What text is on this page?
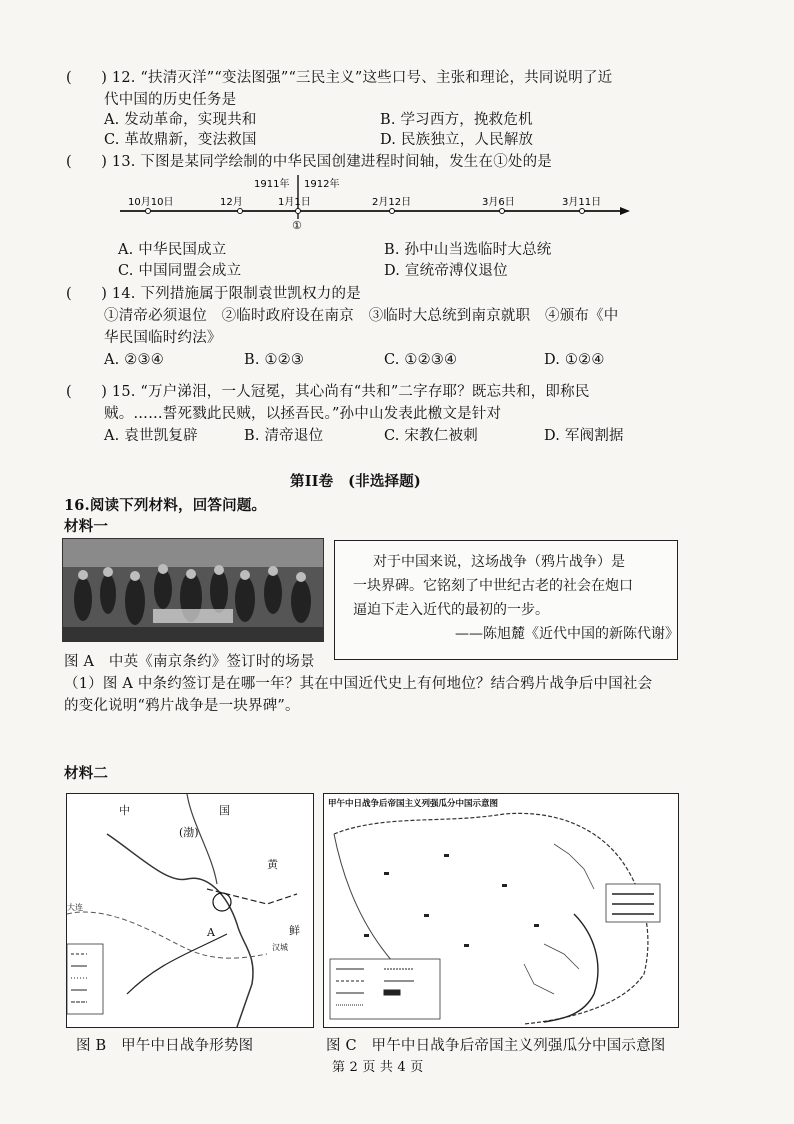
(　　) 12. “扶清灭洋”“变法图强”“三民主义”这些口号、主张和理论，共同说明了近
代中国的历史任务是
A. 发动革命，实现共和	B. 学习西方，挽救危机
C. 革故鼎新，变法救国	D. 民族独立，人民解放
(　　) 13. 下图是某同学绘制的中华民国创建进程时间轴，发生在①处的是
10月10日	12月	1月1日	2月12日	3月6日	3月11日
1911年 1912年
①
A. 中华民国成立	B. 孙中山当选临时大总统
C. 中国同盟会成立	D. 宣统帝溥仪退位
(　　) 14. 下列措施属于限制袁世凯权力的是
①清帝必须退位　②临时政府设在南京　③临时大总统到南京就职　④颁布《中
华民国临时约法》
A. ②③④	B. ①②③	C. ①②③④	D. ①②④
(　　) 15. “万户涕泪，一人冠冕，其心尚有“共和”二字存耶？既忘共和，即称民
贼。……誓死戮此民贼，以拯吾民。”孙中山发表此檄文是针对
A. 袁世凯复辟	B. 清帝退位	C. 宋教仁被刺	D. 军阀割据
第II卷　(非选择题)
16.阅读下列材料，回答问题。
材料一
对于中国来说，这场战争（鸦片战争）是
一块界碑。它铭刻了中世纪古老的社会在炮口
逼迫下走入近代的最初的一步。
——陈旭麓《近代中国的新陈代谢》
图 A　中英《南京条约》签订时的场景
（1）图 A 中条约签订是在哪一年？其在中国近代史上有何地位？结合鸦片战争后中国社会
的变化说明“鸦片战争是一块界碑”。
材料二
中	国
(渤)
黄
A
汉城
大连
鲜
甲午中日战争后帝国主义列强瓜分中国示意图
图 B　甲午中日战争形势图	图 C　甲午中日战争后帝国主义列强瓜分中国示意图
第 2 页 共 4 页
